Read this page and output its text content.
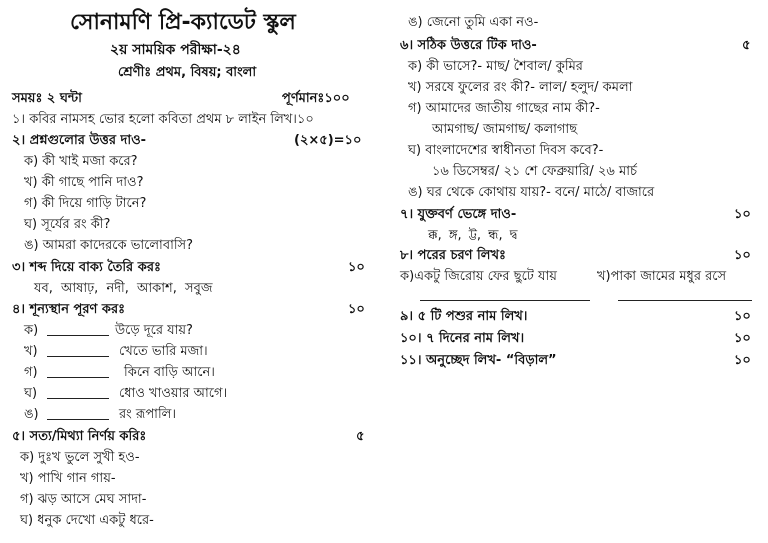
সোনামণি প্রি-ক্যাডেট স্কুল
২য় সাময়িক পরীক্ষা-২৪
শ্রেণীঃ প্রথম, বিষয়; বাংলা
সময়ঃ ২ ঘন্টা	পূর্ণমানঃ১০০
১। কবির নামসহ ভোর হলো কবিতা প্রথম ৮ লাইন লিখ।১০
২। প্রশ্নগুলোর উত্তর দাও-	(২×৫)=১০
ক) কী খাই মজা করে?
খ) কী গাছে পানি দাও?
গ) কী দিয়ে গাড়ি টানে?
ঘ) সূর্যের রং কী?
ঙ) আমরা কাদেরকে ভালোবাসি?
৩। শব্দ দিয়ে বাক্য তৈরি করঃ	১০
যব, আষাঢ়, নদী, আকাশ, সবুজ
৪। শূন্যস্থান পূরণ করঃ	১০
ক)	উড়ে দূরে যায়?
খ)	খেতে ভারি মজা।
গ)	কিনে বাড়ি আনে।
ঘ)	ধোও খাওয়ার আগে।
ঙ)	রং রূপালি।
৫। সত্য/মিথ্যা নির্ণয় করিঃ	৫
ক) দুঃখ ভুলে সুখী হও-
খ) পাখি গান গায়-
গ) ঝড় আসে মেঘ সাদা-
ঘ) ধনুক দেখো একটু ধরে-
ঙ) জেনো তুমি একা নও-
৬। সঠিক উত্তরে টিক দাও-	৫
ক) কী ভাসে?- মাছ/ শৈবাল/ কুমির
খ) সরষে ফুলের রং কী?- লাল/ হলুদ/ কমলা
গ) আমাদের জাতীয় গাছের নাম কী?-
আমগাছ/ জামগাছ/ কলাগাছ
ঘ) বাংলাদেশের স্বাধীনতা দিবস কবে?-
১৬ ডিসেম্বর/ ২১ শে ফেব্রুয়ারি/ ২৬ মার্চ
ঙ) ঘর থেকে কোথায় যায়?- বনে/ মাঠে/ বাজারে
৭। যুক্তবর্ণ ভেঙ্গে দাও-	১০
ক্ক, ঙ্গ, ট্ট, ন্ধ, দ্ব
৮। পরের চরণ লিখঃ	১০
ক)একটু জিরোয় ফের ছুটে যায়	খ)পাকা জামের মধুর রসে
৯। ৫ টি পশুর নাম লিখ।	১০
১০। ৭ দিনের নাম লিখ।	১০
১১। অনুচ্ছেদ লিখ- “বিড়াল”	১০
